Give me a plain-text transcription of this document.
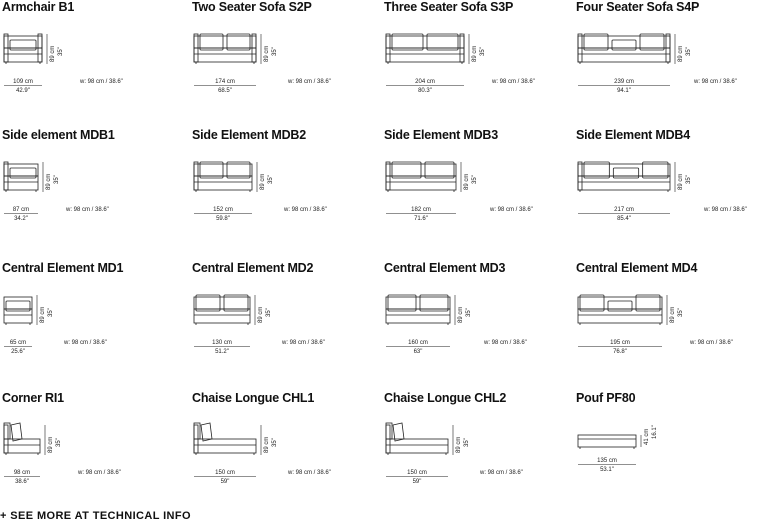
Armchair B1
89 cm 35"
109 cm
42.9"
w: 98 cm / 38.6"
Two Seater Sofa S2P
89 cm 35"
174 cm
68.5"
w: 98 cm / 38.6"
Three Seater Sofa S3P
89 cm 35"
204 cm
80.3"
w: 98 cm / 38.6"
Four Seater Sofa S4P
89 cm 35"
239 cm
94.1"
w: 98 cm / 38.6"
Side element MDB1
89 cm 35"
87 cm
34.2"
w: 98 cm / 38.6"
Side Element MDB2
89 cm 35"
152 cm
59.8"
w: 98 cm / 38.6"
Side Element MDB3
89 cm 35"
182 cm
71.6"
w: 98 cm / 38.6"
Side Element MDB4
89 cm 35"
217 cm
85.4"
w: 98 cm / 38.6"
Central Element MD1
89 cm 35"
65 cm
25.6"
w: 98 cm / 38.6"
Central Element MD2
89 cm 35"
130 cm
51.2"
w: 98 cm / 38.6"
Central Element MD3
89 cm 35"
160 cm
63"
w: 98 cm / 38.6"
Central Element MD4
89 cm 35"
195 cm
76.8"
w: 98 cm / 38.6"
Corner RI1
89 cm 35"
98 cm
38.6"
w: 98 cm / 38.6"
Chaise Longue CHL1
89 cm 35"
150 cm
59"
w: 98 cm / 38.6"
Chaise Longue CHL2
89 cm 35"
150 cm
59"
w: 98 cm / 38.6"
Pouf PF80
41 cm 16.1"
135 cm
53.1"
+ SEE MORE AT TECHNICAL INFO
